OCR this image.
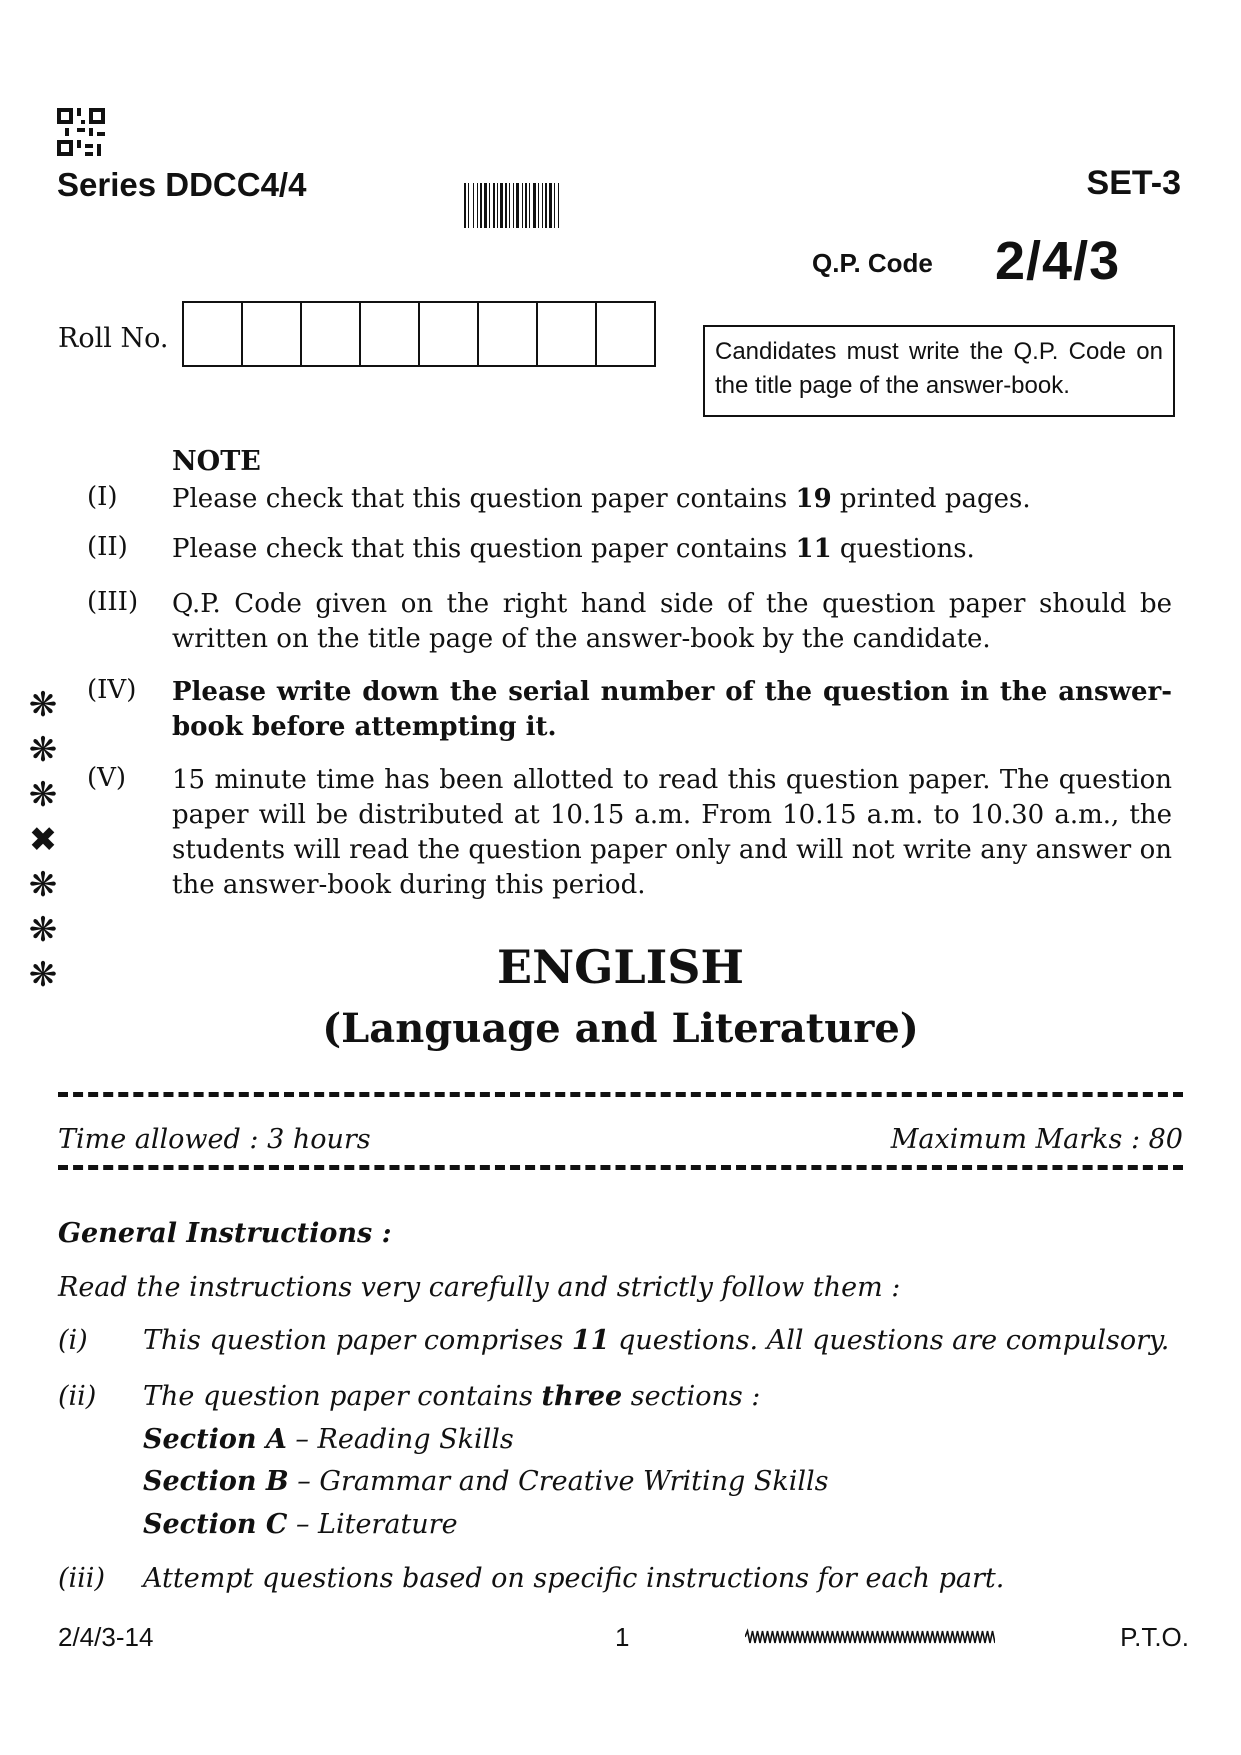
Series DDCC4/4	SET-3
Q.P. Code 2/4/3
Roll No.	Candidates must write the Q.P. Code on the title page of the answer-book.
NOTE
(I) Please check that this question paper contains 19 printed pages.
(II) Please check that this question paper contains 11 questions.
(III) Q.P. Code given on the right hand side of the question paper should be written on the title page of the answer-book by the candidate.
(IV) Please write down the serial number of the question in the answer-book before attempting it.
(V) 15 minute time has been allotted to read this question paper. The question paper will be distributed at 10.15 a.m. From 10.15 a.m. to 10.30 a.m., the students will read the question paper only and will not write any answer on the answer-book during this period.
❋
❋
❋
✖
❋
❋
❋	ENGLISH
(Language and Literature)
Time allowed : 3 hours	Maximum Marks : 80
General Instructions :
Read the instructions very carefully and strictly follow them :
(i) This question paper comprises 11 questions. All questions are compulsory.
(ii) The question paper contains three sections :
Section A – Reading Skills
Section B – Grammar and Creative Writing Skills
Section C – Literature
(iii) Attempt questions based on specific instructions for each part.
2/4/3-14	1	P.T.O.
